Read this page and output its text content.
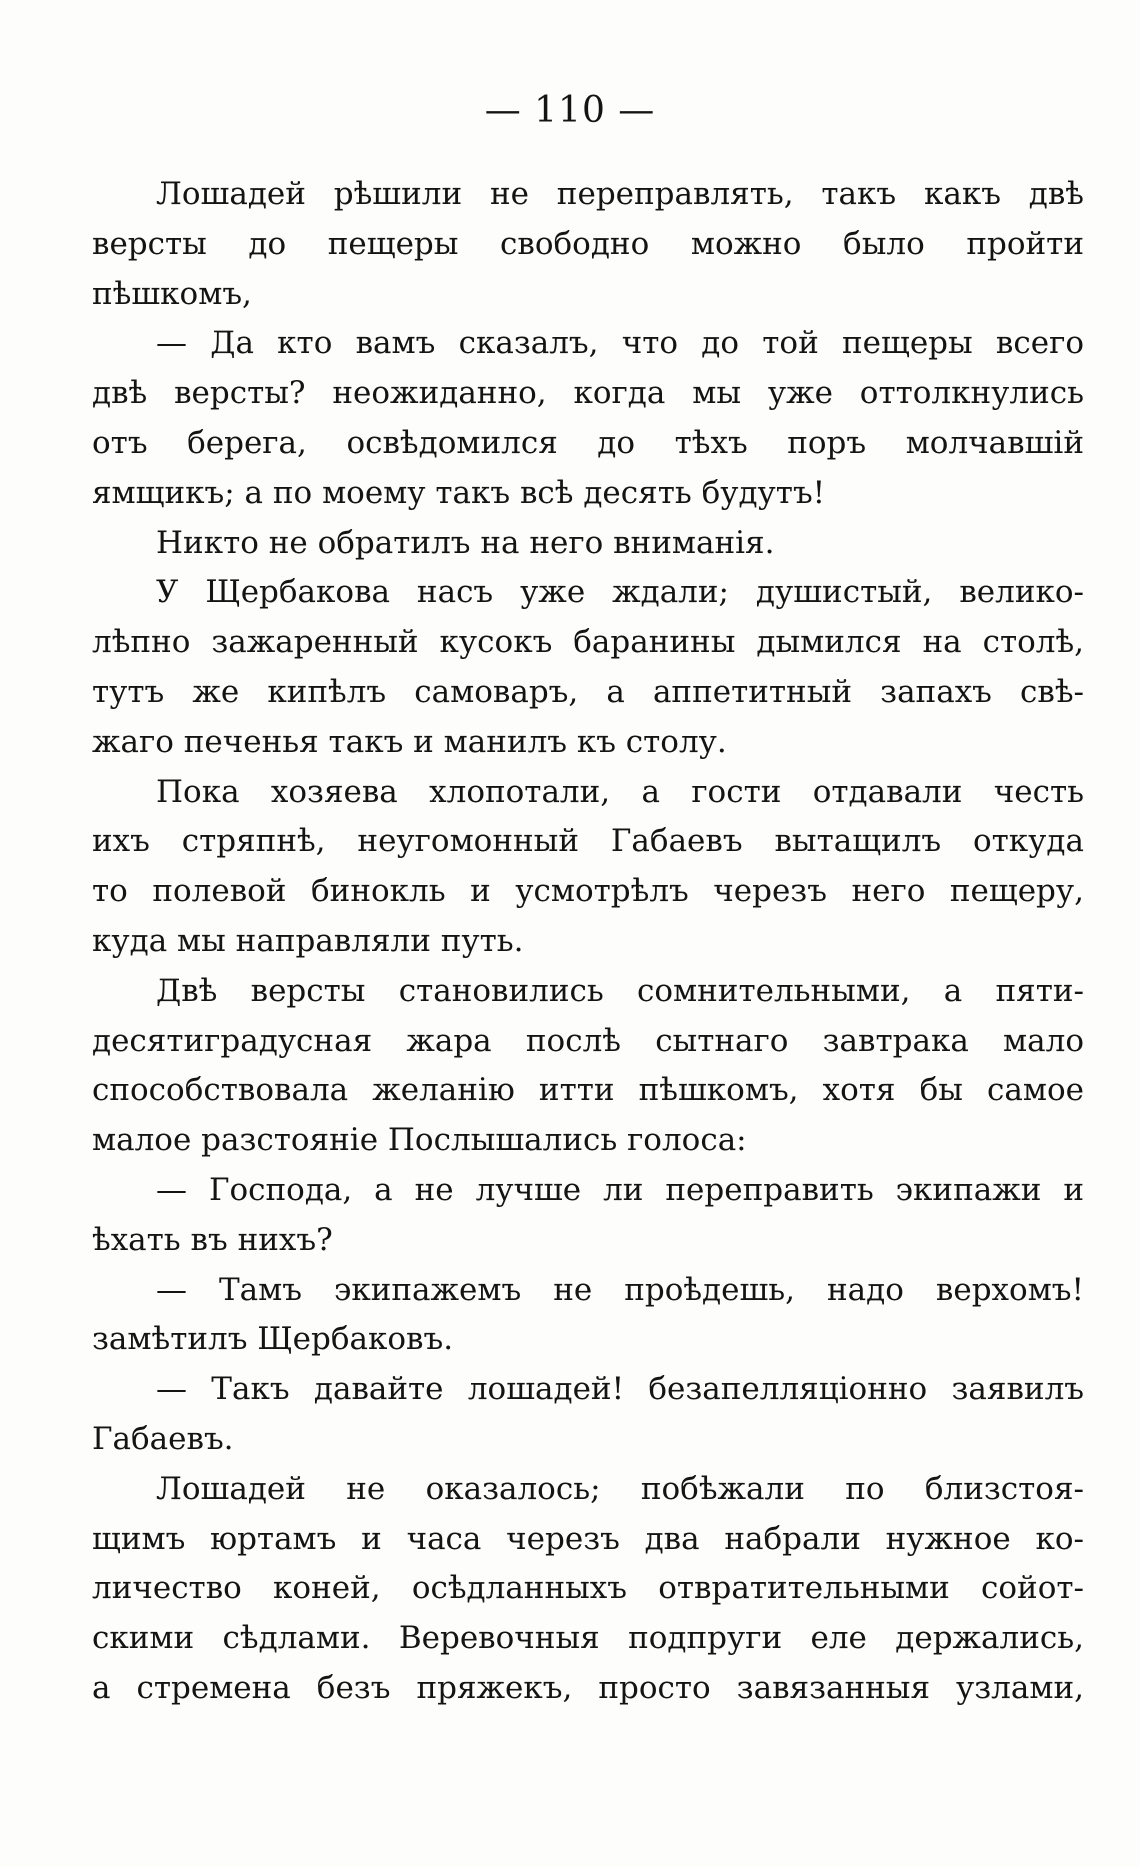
— 110 —
Лошадей рѣшили не переправлять, такъ какъ двѣ
версты до пещеры свободно можно было пройти
пѣшкомъ,
— Да кто вамъ сказалъ, что до той пещеры всего
двѣ версты? неожиданно, когда мы уже оттолкнулись
отъ берега, освѣдомился до тѣхъ поръ молчавшій
ямщикъ; а по моему такъ всѣ десять будутъ!
Никто не обратилъ на него вниманія.
У Щербакова насъ уже ждали; душистый, велико-
лѣпно зажаренный кусокъ баранины дымился на столѣ,
тутъ же кипѣлъ самоваръ, а аппетитный запахъ свѣ-
жаго печенья такъ и манилъ къ столу.
Пока хозяева хлопотали, а гости отдавали честь
ихъ стряпнѣ, неугомонный Габаевъ вытащилъ откуда
то полевой бинокль и усмотрѣлъ черезъ него пещеру,
куда мы направляли путь.
Двѣ версты становились сомнительными, а пяти-
десятиградусная жара послѣ сытнаго завтрака мало
способствовала желанію итти пѣшкомъ, хотя бы самое
малое разстояніе Послышались голоса:
— Господа, а не лучше ли переправить экипажи и
ѣхать въ нихъ?
— Тамъ экипажемъ не проѣдешь, надо верхомъ!
замѣтилъ Щербаковъ.
— Такъ давайте лошадей! безапелляціонно заявилъ
Габаевъ.
Лошадей не оказалось; побѣжали по близстоя-
щимъ юртамъ и часа черезъ два набрали нужное ко-
личество коней, осѣдланныхъ отвратительными сойот-
скими сѣдлами. Веревочныя подпруги еле держались,
а стремена безъ пряжекъ, просто завязанныя узлами,
